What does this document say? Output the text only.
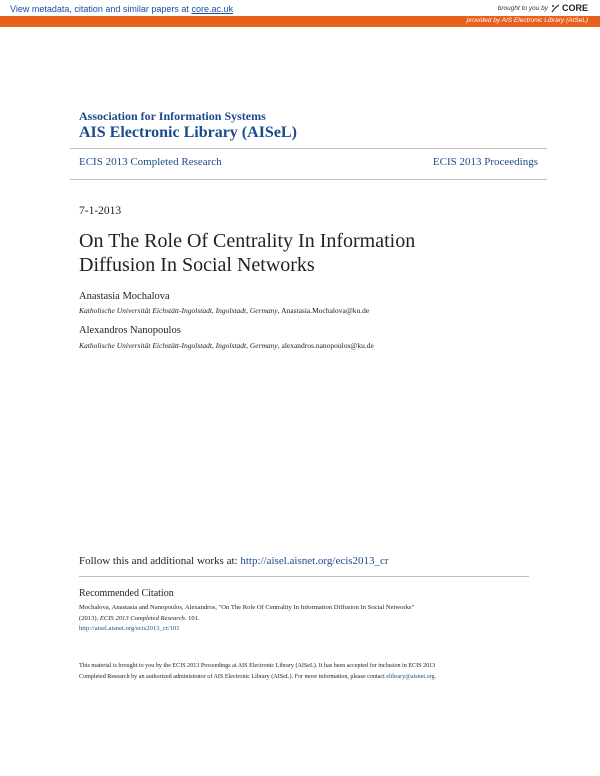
View metadata, citation and similar papers at core.ac.uk	brought to you by CORE
provided by AIS Electronic Library (AISeL)
Association for Information Systems
AIS Electronic Library (AISeL)
ECIS 2013 Completed Research	ECIS 2013 Proceedings
7-1-2013
On The Role Of Centrality In Information
Diffusion In Social Networks
Anastasia Mochalova
Katholische Universität Eichstätt-Ingolstadt, Ingolstadt, Germany, Anastasia.Mochalova@ku.de
Alexandros Nanopoulos
Katholische Universität Eichstätt-Ingolstadt, Ingolstadt, Germany, alexandros.nanopoulos@ku.de
Follow this and additional works at: http://aisel.aisnet.org/ecis2013_cr
Recommended Citation
Mochalova, Anastasia and Nanopoulos, Alexandros, "On The Role Of Centrality In Information Diffusion In Social Networks"
(2013). ECIS 2013 Completed Research. 101.
http://aisel.aisnet.org/ecis2013_cr/101
This material is brought to you by the ECIS 2013 Proceedings at AIS Electronic Library (AISeL). It has been accepted for inclusion in ECIS 2013
Completed Research by an authorized administrator of AIS Electronic Library (AISeL). For more information, please contact elibrary@aisnet.org.
